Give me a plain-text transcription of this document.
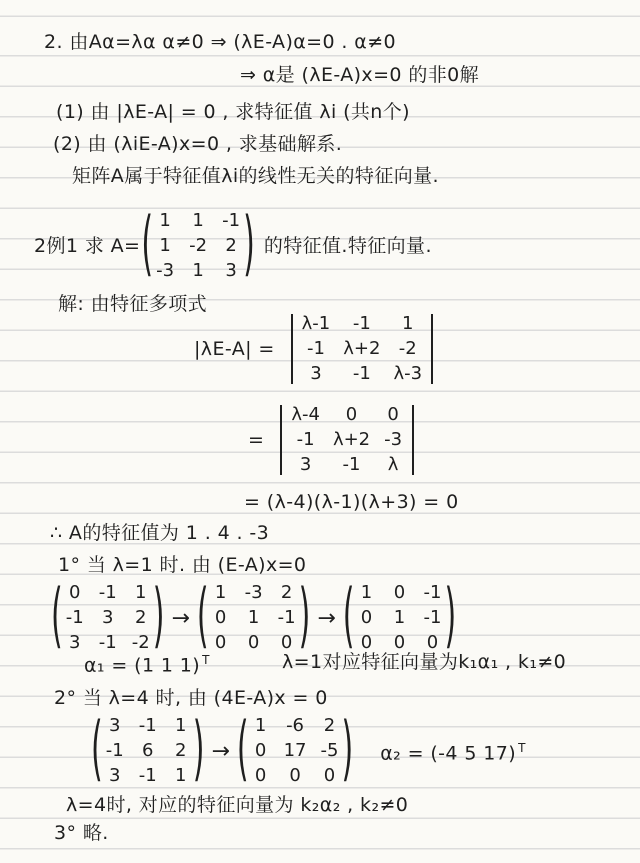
2. 由Aα=λα α≠0 ⇒ (λE-A)α=0 . α≠0
⇒ α是 (λE-A)x=0 的非0解
(1) 由 |λE-A| = 0 , 求特征值 λi (共n个)
(2) 由 (λiE-A)x=0 , 求基础解系.
矩阵A属于特征值λi的线性无关的特征向量.
2例1 求 A= ( 1 1 -1
1 -2 2
-3 1 3 ) 的特征值.特征向量.
解: 由特征多项式
|λE-A| =
λ-1	-1	1
-1	λ+2	-2
3	-1	λ-3
=
λ-4	0	0
-1	λ+2 -3
3	-1	λ
= (λ-4)(λ-1)(λ+3) = 0
∴ A的特征值为 1 . 4 . -3
1° 当 λ=1 时. 由 (E-A)x=0
( 0 -1 1
-1 3 2
3 -1 -2 ) → ( 1 -3 2
0 1 -1
0 0 0 ) → ( 1 0 -1
0 1 -1
0 0 0 )
α₁ = (1 1 1) $^T$	λ=1对应特征向量为k₁α₁ , k₁≠0
2° 当 λ=4 时, 由 (4E-A)x = 0
( 3 -1 1
-1 6 2
3 -1 1 ) → ( 1 -6 2
0 17 -5
0	0	0 ) α₂ = (-4 5 17) $^T$
λ=4时, 对应的特征向量为 k₂α₂ , k₂≠0
3° 略.
